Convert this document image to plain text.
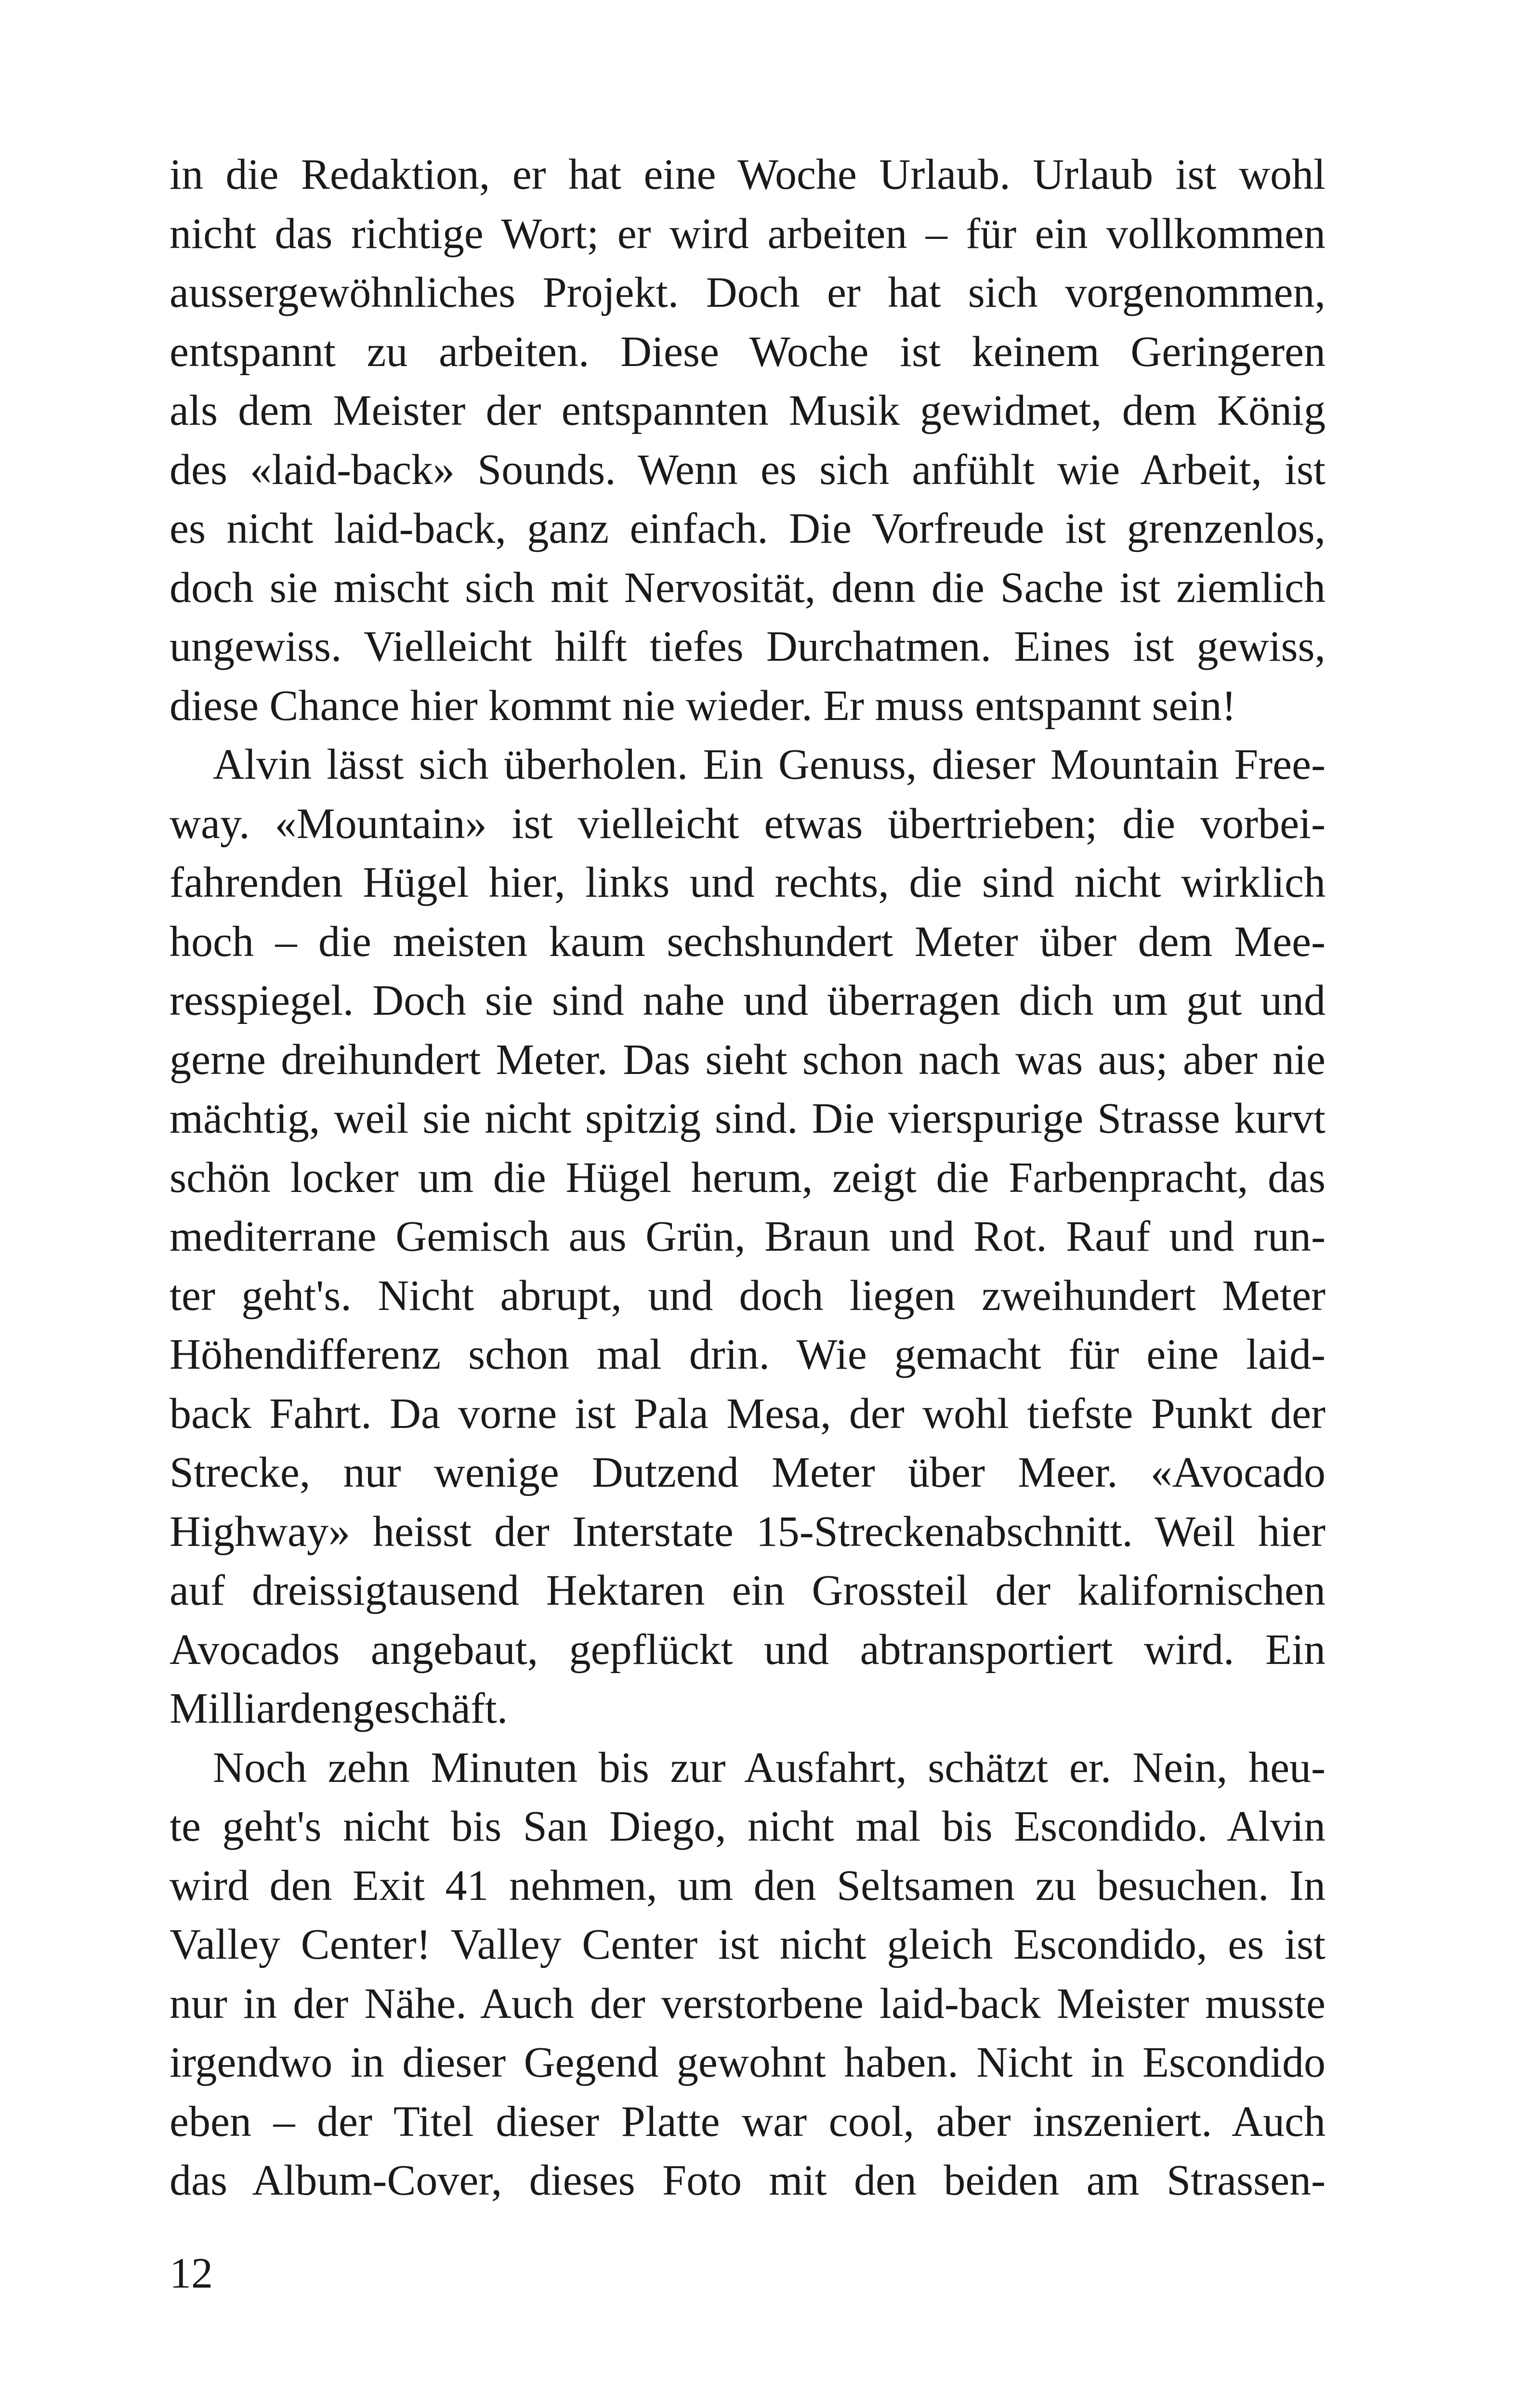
in die Redaktion, er hat eine Woche Urlaub. Urlaub ist wohl
nicht das richtige Wort; er wird arbeiten – für ein vollkommen
aussergewöhnliches Projekt. Doch er hat sich vorgenommen,
entspannt zu arbeiten. Diese Woche ist keinem Geringeren
als dem Meister der entspannten Musik gewidmet, dem König
des «laid-back» Sounds. Wenn es sich anfühlt wie Arbeit, ist
es nicht laid-back, ganz einfach. Die Vorfreude ist grenzenlos,
doch sie mischt sich mit Nervosität, denn die Sache ist ziemlich
ungewiss. Vielleicht hilft tiefes Durchatmen. Eines ist gewiss,
diese Chance hier kommt nie wieder. Er muss entspannt sein!
Alvin lässt sich überholen. Ein Genuss, dieser Mountain Free-
way. «Mountain» ist vielleicht etwas übertrieben; die vorbei-
fahrenden Hügel hier, links und rechts, die sind nicht wirklich
hoch – die meisten kaum sechshundert Meter über dem Mee-
resspiegel. Doch sie sind nahe und überragen dich um gut und
gerne dreihundert Meter. Das sieht schon nach was aus; aber nie
mächtig, weil sie nicht spitzig sind. Die vierspurige Strasse kurvt
schön locker um die Hügel herum, zeigt die Farbenpracht, das
mediterrane Gemisch aus Grün, Braun und Rot. Rauf und run-
ter geht's. Nicht abrupt, und doch liegen zweihundert Meter
Höhendifferenz schon mal drin. Wie gemacht für eine laid-
back Fahrt. Da vorne ist Pala Mesa, der wohl tiefste Punkt der
Strecke, nur wenige Dutzend Meter über Meer. «Avocado
Highway» heisst der Interstate 15-Streckenabschnitt. Weil hier
auf dreissigtausend Hektaren ein Grossteil der kalifornischen
Avocados angebaut, gepflückt und abtransportiert wird. Ein
Milliardengeschäft.
Noch zehn Minuten bis zur Ausfahrt, schätzt er. Nein, heu-
te geht's nicht bis San Diego, nicht mal bis Escondido. Alvin
wird den Exit 41 nehmen, um den Seltsamen zu besuchen. In
Valley Center! Valley Center ist nicht gleich Escondido, es ist
nur in der Nähe. Auch der verstorbene laid-back Meister musste
irgendwo in dieser Gegend gewohnt haben. Nicht in Escondido
eben – der Titel dieser Platte war cool, aber inszeniert. Auch
das Album-Cover, dieses Foto mit den beiden am Strassen-
12
